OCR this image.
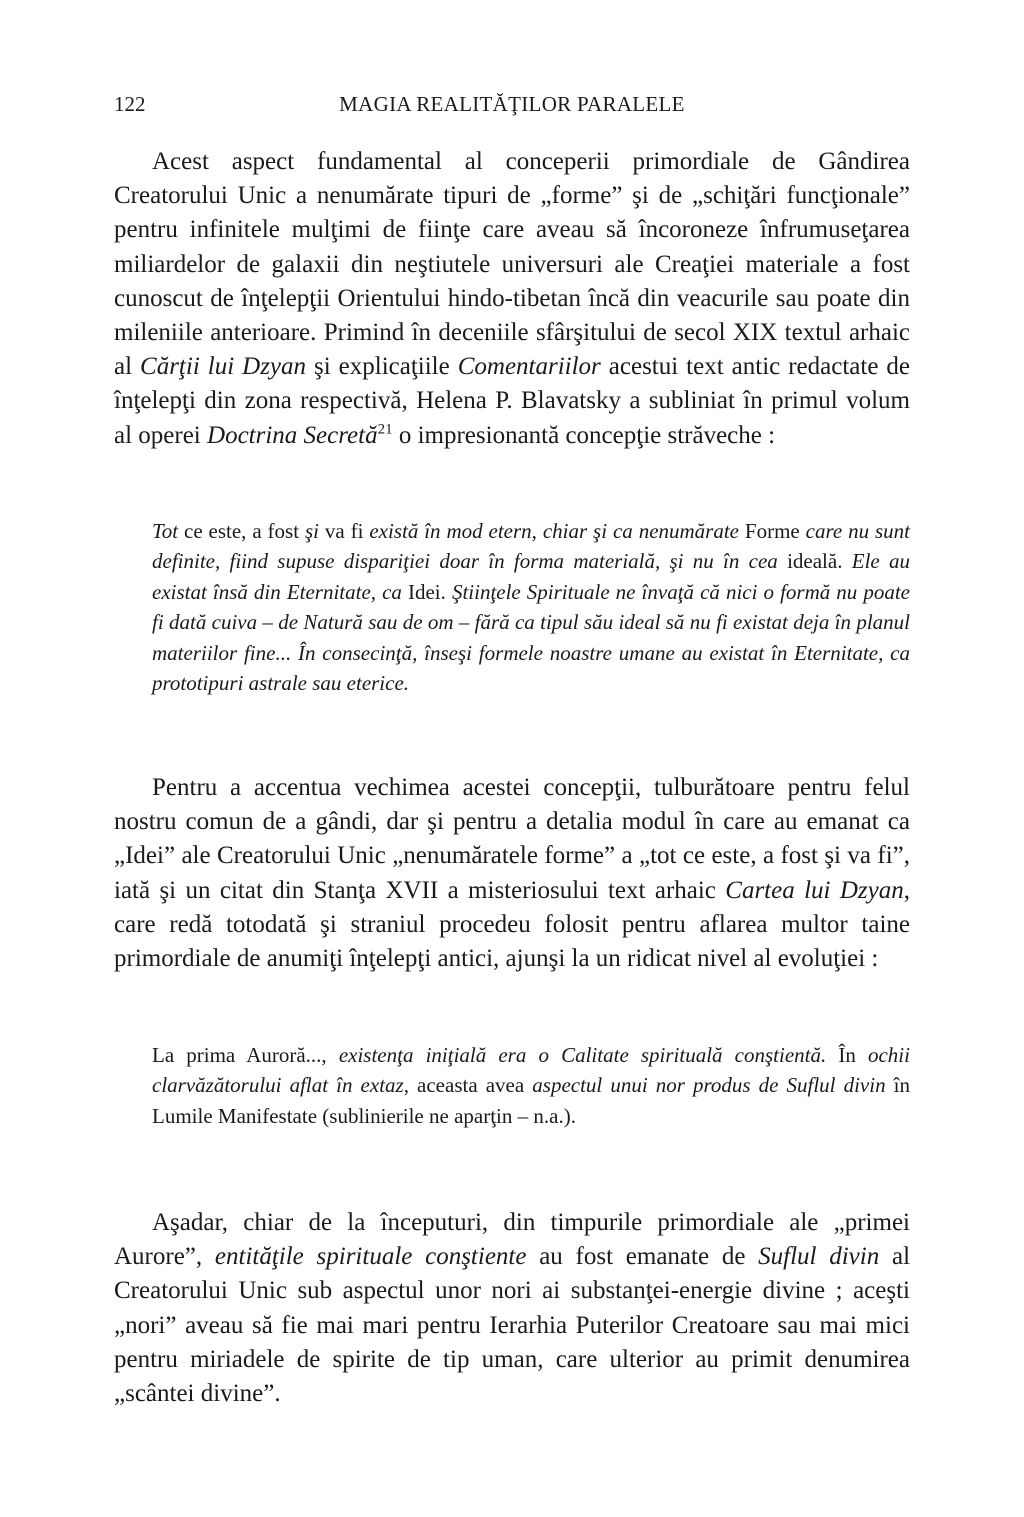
122	MAGIA REALITĂŢILOR PARALELE

Acest aspect fundamental al conceperii primordiale de Gândirea Creatorului Unic a nenumărate tipuri de „forme” şi de „schiţări funcţionale” pentru infinitele mulţimi de fiinţe care aveau să încoroneze înfrumuseţarea miliardelor de galaxii din neştiutele universuri ale Creaţiei materiale a fost cunoscut de înţelepţii Orientului hindo-tibetan încă din veacurile sau poate din mileniile anterioare. Primind în deceniile sfârşitului de secol XIX textul arhaic al Cărţii lui Dzyan şi explicaţiile Comentariilor acestui text antic redactate de înţelepţi din zona respectivă, Helena P. Blavatsky a subliniat în primul volum al operei Doctrina Secretă$^{21}$ o impresionantă concepţie străveche :

Tot ce este, a fost şi va fi există în mod etern, chiar şi ca nenumărate Forme care nu sunt definite, fiind supuse dispariţiei doar în forma materială, şi nu în cea ideală. Ele au existat însă din Eternitate, ca Idei. Ştiinţele Spirituale ne învaţă că nici o formă nu poate fi dată cuiva – de Natură sau de om – fără ca tipul său ideal să nu fi existat deja în planul materiilor fine... În consecinţă, înseşi formele noastre umane au existat în Eternitate, ca prototipuri astrale sau eterice.

Pentru a accentua vechimea acestei concepţii, tulburătoare pentru felul nostru comun de a gândi, dar şi pentru a detalia modul în care au emanat ca „Idei” ale Creatorului Unic „nenumăratele forme” a „tot ce este, a fost şi va fi”, iată şi un citat din Stanţa XVII a misteriosului text arhaic Cartea lui Dzyan, care redă totodată şi straniul procedeu folosit pentru aflarea multor taine primordiale de anumiţi înţelepţi antici, ajunşi la un ridicat nivel al evoluţiei :

La prima Auroră..., existenţa iniţială era o Calitate spirituală conştientă. În ochii clarvăzătorului aflat în extaz, aceasta avea aspectul unui nor produs de Suflul divin în Lumile Manifestate (sublinierile ne aparţin – n.a.).

Aşadar, chiar de la începuturi, din timpurile primordiale ale „primei Aurore”, entităţile spirituale conştiente au fost emanate de Suflul divin al Creatorului Unic sub aspectul unor nori ai substanţei-energie divine ; aceşti „nori” aveau să fie mai mari pentru Ierarhia Puterilor Creatoare sau mai mici pentru miriadele de spirite de tip uman, care ulterior au primit denumirea „scântei divine”.
